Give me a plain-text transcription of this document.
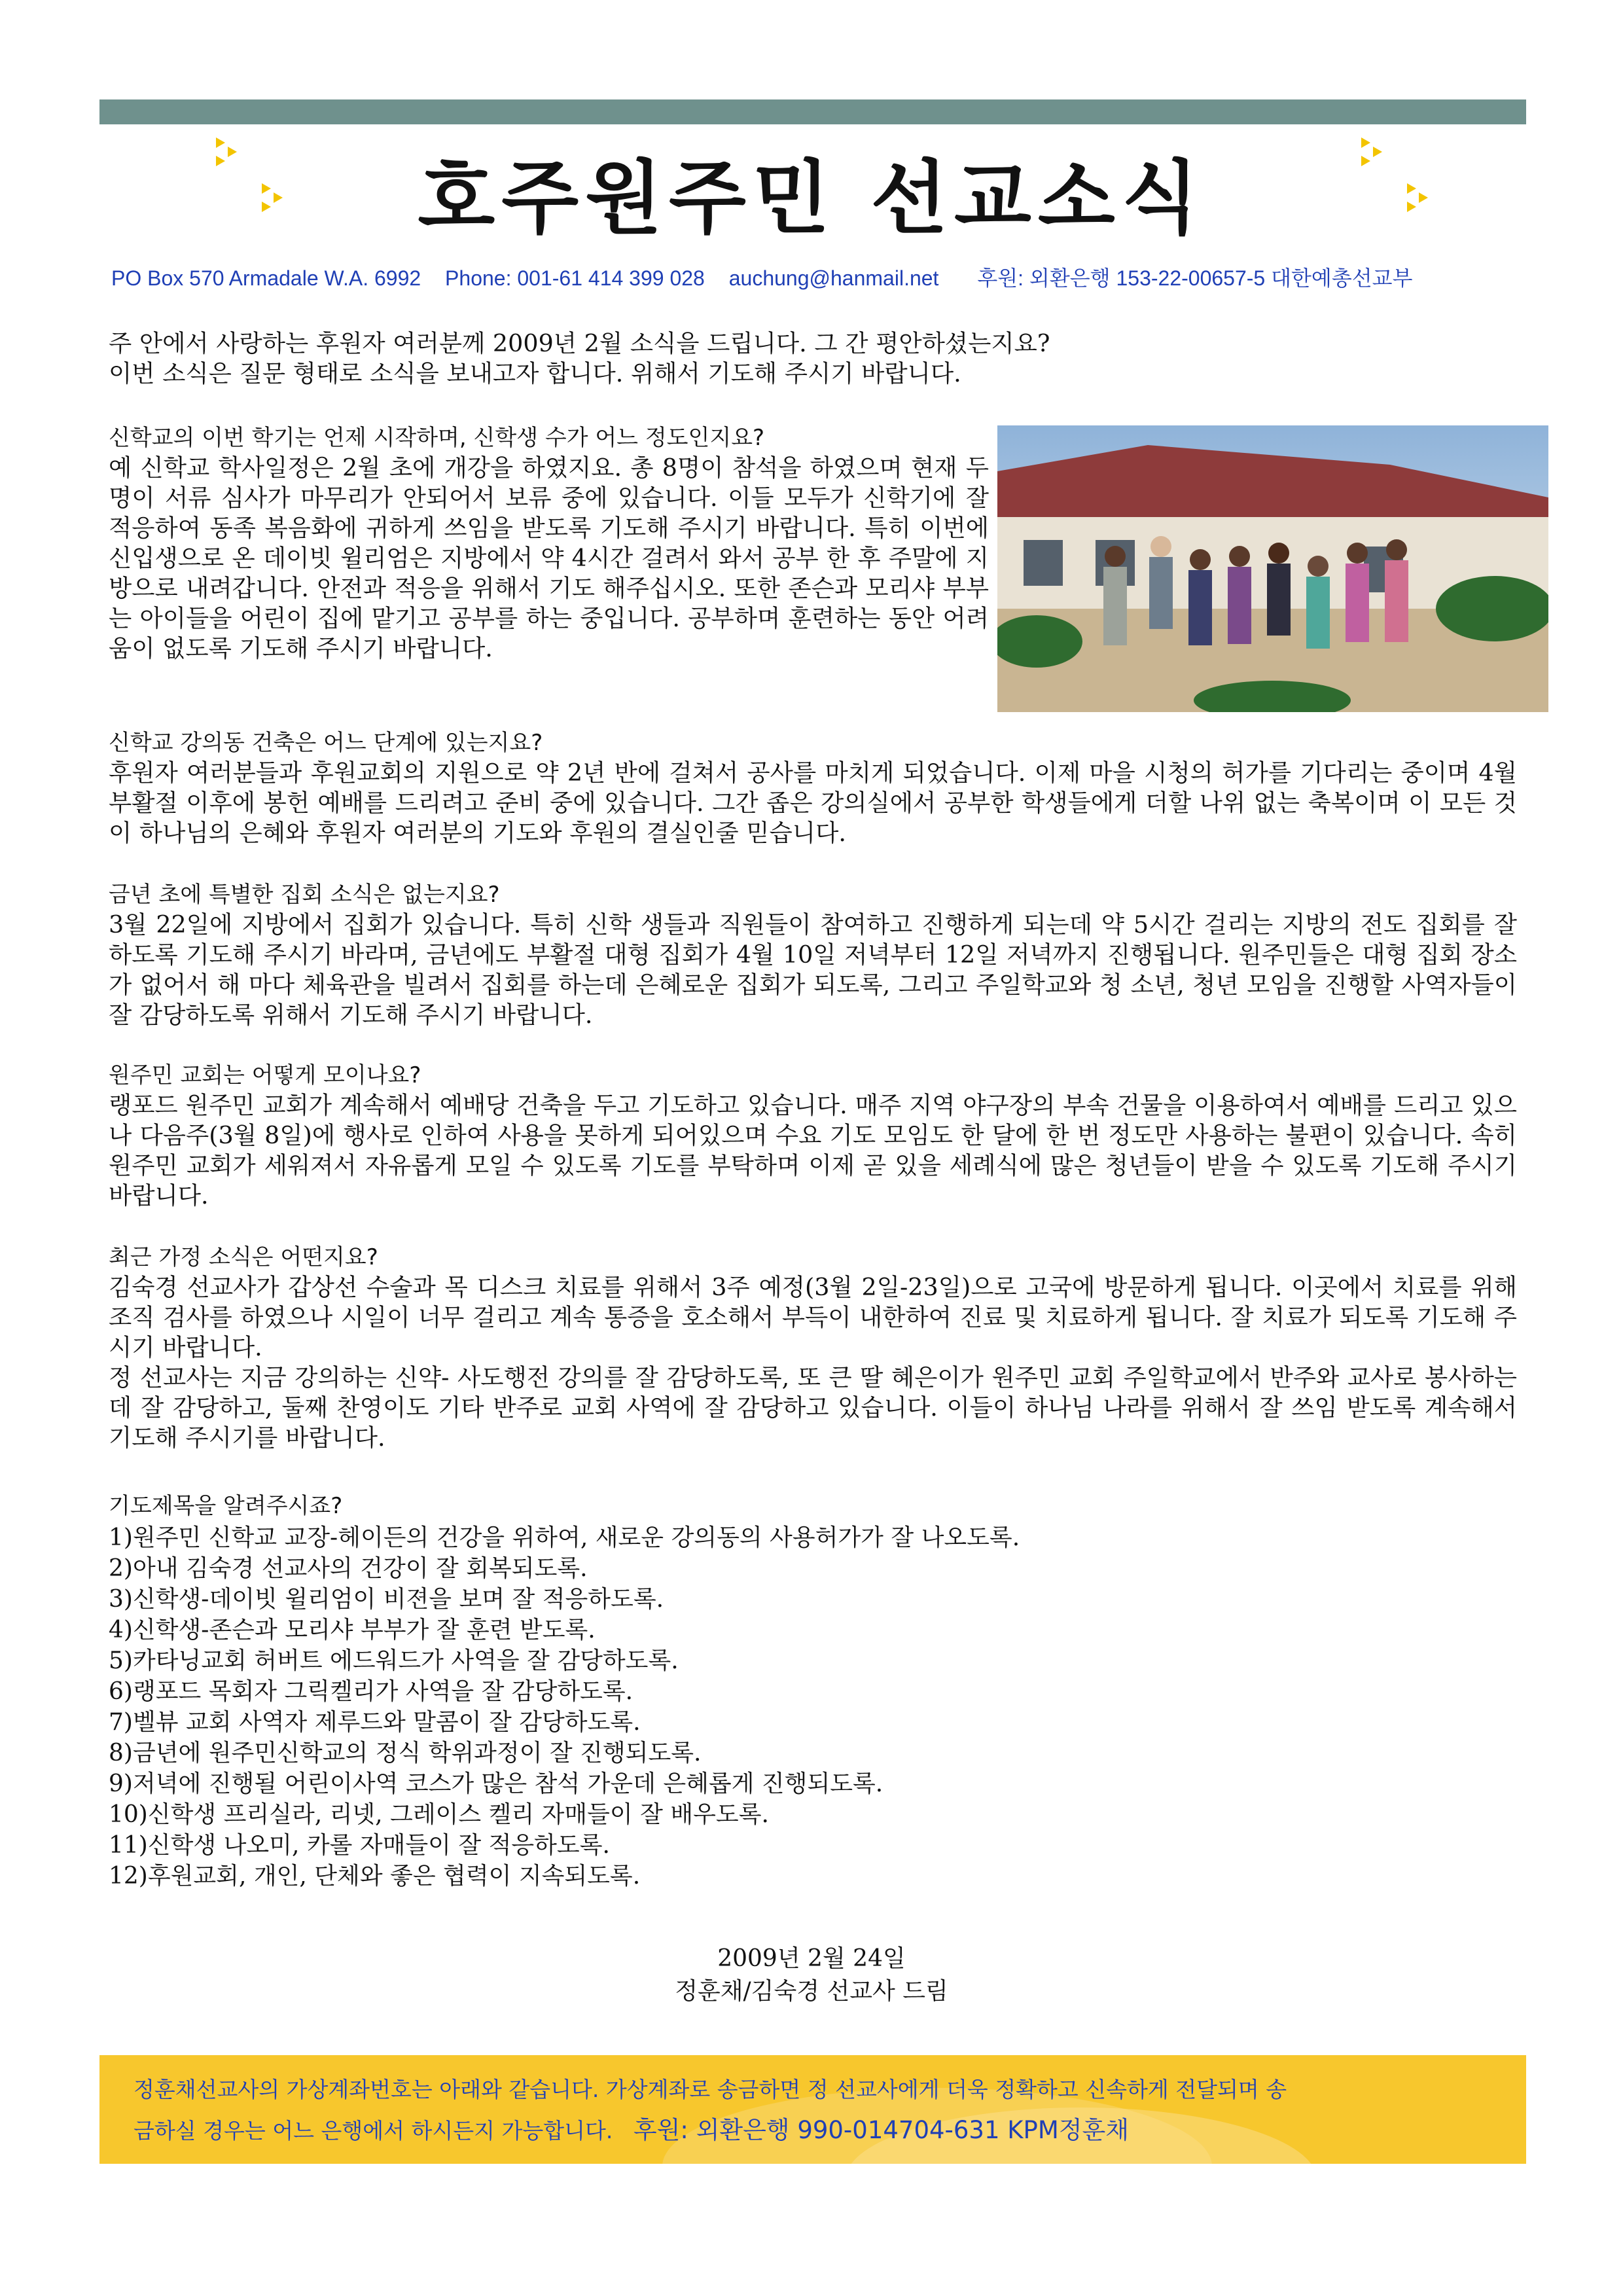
호주원주민 선교소식
PO Box 570 Armadale W.A. 6992 Phone: 001-61 414 399 028 auchung@hanmail.net 후원: 외환은행 153-22-00657-5 대한예총선교부
주 안에서 사랑하는 후원자 여러분께 2009년 2월 소식을 드립니다. 그 간 평안하셨는지요?
이번 소식은 질문 형태로 소식을 보내고자 합니다. 위해서 기도해 주시기 바랍니다.
신학교의 이번 학기는 언제 시작하며, 신학생 수가 어느 정도인지요?
예 신학교 학사일정은 2월 초에 개강을 하였지요. 총 8명이 참석을 하였으며 현재 두 명이 서류 심사가 마무리가 안되어서 보류 중에 있습니다. 이들 모두가 신학기에 잘 적응하여 동족 복음화에 귀하게 쓰임을 받도록 기도해 주시기 바랍니다. 특히 이번에 신입생으로 온 데이빗 윌리엄은 지방에서 약 4시간 걸려서 와서 공부 한 후 주말에 지방으로 내려갑니다. 안전과 적응을 위해서 기도 해주십시오. 또한 존슨과 모리샤 부부는 아이들을 어린이 집에 맡기고 공부를 하는 중입니다. 공부하며 훈련하는 동안 어려움이 없도록 기도해 주시기 바랍니다.
신학교 강의동 건축은 어느 단계에 있는지요?
후원자 여러분들과 후원교회의 지원으로 약 2년 반에 걸쳐서 공사를 마치게 되었습니다. 이제 마을 시청의 허가를 기다리는 중이며 4월 부활절 이후에 봉헌 예배를 드리려고 준비 중에 있습니다. 그간 좁은 강의실에서 공부한 학생들에게 더할 나위 없는 축복이며 이 모든 것이 하나님의 은혜와 후원자 여러분의 기도와 후원의 결실인줄 믿습니다.
금년 초에 특별한 집회 소식은 없는지요?
3월 22일에 지방에서 집회가 있습니다. 특히 신학 생들과 직원들이 참여하고 진행하게 되는데 약 5시간 걸리는 지방의 전도 집회를 잘 하도록 기도해 주시기 바라며, 금년에도 부활절 대형 집회가 4월 10일 저녁부터 12일 저녁까지 진행됩니다. 원주민들은 대형 집회 장소가 없어서 해 마다 체육관을 빌려서 집회를 하는데 은혜로운 집회가 되도록, 그리고 주일학교와 청 소년, 청년 모임을 진행할 사역자들이 잘 감당하도록 위해서 기도해 주시기 바랍니다.
원주민 교회는 어떻게 모이나요?
랭포드 원주민 교회가 계속해서 예배당 건축을 두고 기도하고 있습니다. 매주 지역 야구장의 부속 건물을 이용하여서 예배를 드리고 있으나 다음주(3월 8일)에 행사로 인하여 사용을 못하게 되어있으며 수요 기도 모임도 한 달에 한 번 정도만 사용하는 불편이 있습니다. 속히 원주민 교회가 세워져서 자유롭게 모일 수 있도록 기도를 부탁하며 이제 곧 있을 세례식에 많은 청년들이 받을 수 있도록 기도해 주시기 바랍니다.
최근 가정 소식은 어떤지요?
김숙경 선교사가 갑상선 수술과 목 디스크 치료를 위해서 3주 예정(3월 2일-23일)으로 고국에 방문하게 됩니다. 이곳에서 치료를 위해 조직 검사를 하였으나 시일이 너무 걸리고 계속 통증을 호소해서 부득이 내한하여 진료 및 치료하게 됩니다. 잘 치료가 되도록 기도해 주시기 바랍니다.
정 선교사는 지금 강의하는 신약- 사도행전 강의를 잘 감당하도록, 또 큰 딸 혜은이가 원주민 교회 주일학교에서 반주와 교사로 봉사하는데 잘 감당하고, 둘째 찬영이도 기타 반주로 교회 사역에 잘 감당하고 있습니다. 이들이 하나님 나라를 위해서 잘 쓰임 받도록 계속해서 기도해 주시기를 바랍니다.
기도제목을 알려주시죠?
1)원주민 신학교 교장-헤이든의 건강을 위하여, 새로운 강의동의 사용허가가 잘 나오도록.
2)아내 김숙경 선교사의 건강이 잘 회복되도록.
3)신학생-데이빗 윌리엄이 비젼을 보며 잘 적응하도록.
4)신학생-존슨과 모리샤 부부가 잘 훈련 받도록.
5)카타닝교회 허버트 에드워드가 사역을 잘 감당하도록.
6)랭포드 목회자 그릭켈리가 사역을 잘 감당하도록.
7)벨뷰 교회 사역자 제루드와 말콤이 잘 감당하도록.
8)금년에 원주민신학교의 정식 학위과정이 잘 진행되도록.
9)저녁에 진행될 어린이사역 코스가 많은 참석 가운데 은혜롭게 진행되도록.
10)신학생 프리실라, 리넷, 그레이스 켈리 자매들이 잘 배우도록.
11)신학생 나오미, 카롤 자매들이 잘 적응하도록.
12)후원교회, 개인, 단체와 좋은 협력이 지속되도록.
2009년 2월 24일
정훈채/김숙경 선교사 드림
정훈채선교사의 가상계좌번호는 아래와 같습니다. 가상계좌로 송금하면 정 선교사에게 더욱 정확하고 신속하게 전달되며 송
금하실 경우는 어느 은행에서 하시든지 가능합니다. 후원: 외환은행 990-014704-631 KPM정훈채
